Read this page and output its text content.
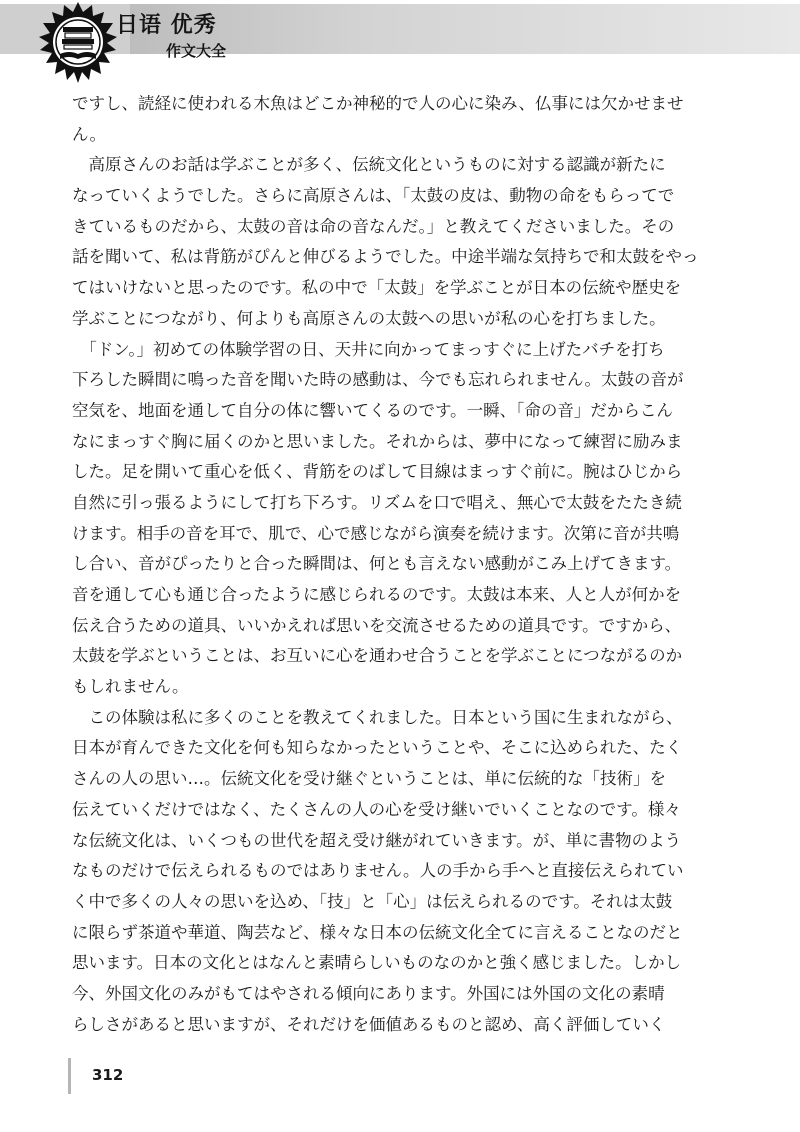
日语 优秀
作文大全
ですし、読経に使われる木魚はどこか神秘的で人の心に染み、仏事には欠かせませ
ん。
　高原さんのお話は学ぶことが多く、伝統文化というものに対する認識が新たに
なっていくようでした。さらに高原さんは、「太鼓の皮は、動物の命をもらってで
きているものだから、太鼓の音は命の音なんだ。」と教えてくださいました。その
話を聞いて、私は背筋がぴんと伸びるようでした。中途半端な気持ちで和太鼓をやっ
てはいけないと思ったのです。私の中で「太鼓」を学ぶことが日本の伝統や歴史を
学ぶことにつながり、何よりも高原さんの太鼓への思いが私の心を打ちました。
　「ドン。」初めての体験学習の日、天井に向かってまっすぐに上げたバチを打ち
下ろした瞬間に鳴った音を聞いた時の感動は、今でも忘れられません。太鼓の音が
空気を、地面を通して自分の体に響いてくるのです。一瞬、「命の音」だからこん
なにまっすぐ胸に届くのかと思いました。それからは、夢中になって練習に励みま
した。足を開いて重心を低く、背筋をのばして目線はまっすぐ前に。腕はひじから
自然に引っ張るようにして打ち下ろす。リズムを口で唱え、無心で太鼓をたたき続
けます。相手の音を耳で、肌で、心で感じながら演奏を続けます。次第に音が共鳴
し合い、音がぴったりと合った瞬間は、何とも言えない感動がこみ上げてきます。
音を通して心も通じ合ったように感じられるのです。太鼓は本来、人と人が何かを
伝え合うための道具、いいかえれば思いを交流させるための道具です。ですから、
太鼓を学ぶということは、お互いに心を通わせ合うことを学ぶことにつながるのか
もしれません。
　この体験は私に多くのことを教えてくれました。日本という国に生まれながら、
日本が育んできた文化を何も知らなかったということや、そこに込められた、たく
さんの人の思い…。伝統文化を受け継ぐということは、単に伝統的な「技術」を
伝えていくだけではなく、たくさんの人の心を受け継いでいくことなのです。様々
な伝統文化は、いくつもの世代を超え受け継がれていきます。が、単に書物のよう
なものだけで伝えられるものではありません。人の手から手へと直接伝えられてい
く中で多くの人々の思いを込め、「技」と「心」は伝えられるのです。それは太鼓
に限らず茶道や華道、陶芸など、様々な日本の伝統文化全てに言えることなのだと
思います。日本の文化とはなんと素晴らしいものなのかと強く感じました。しかし
今、外国文化のみがもてはやされる傾向にあります。外国には外国の文化の素晴
らしさがあると思いますが、それだけを価値あるものと認め、高く評価していく
312
